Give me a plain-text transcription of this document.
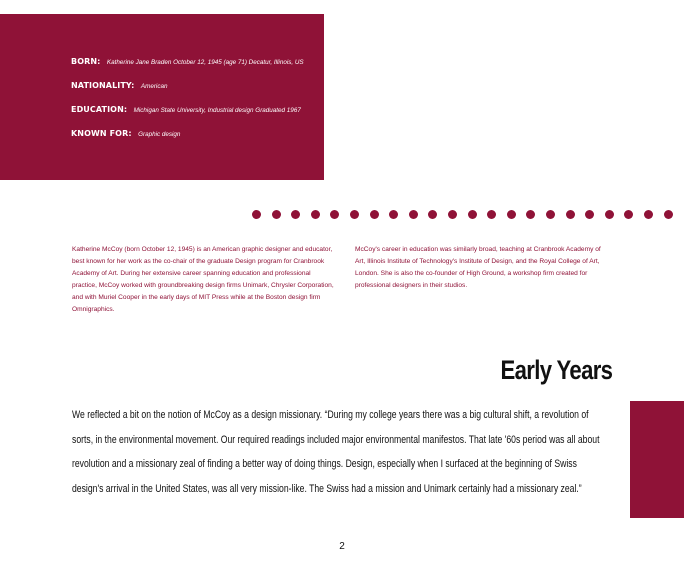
BORN: Katherine Jane Braden October 12, 1945 (age 71) Decatur, Illinois, US
NATIONALITY: American
EDUCATION: Michigan State University, Industrial design Graduated 1967
KNOWN FOR: Graphic design

Katherine McCoy (born October 12, 1945) is an American graphic designer and educator, best known for her work as the co-chair of the graduate Design program for Cranbrook Academy of Art. During her extensive career spanning education and professional practice, McCoy worked with groundbreaking design firms Unimark, Chrysler Corporation, and with Muriel Cooper in the early days of MIT Press while at the Boston design firm Omnigraphics.

McCoy's career in education was similarly broad, teaching at Cranbrook Academy of Art, Illinois Institute of Technology's Institute of Design, and the Royal College of Art, London. She is also the co-founder of High Ground, a workshop firm created for professional designers in their studios.

Early Years

We reflected a bit on the notion of McCoy as a design missionary. “During my college years there was a big cultural shift, a revolution of sorts, in the environmental movement. Our required readings included major environmental manifestos. That late '60s period was all about revolution and a missionary zeal of finding a better way of doing things. Design, especially when I surfaced at the beginning of Swiss design's arrival in the United States, was all very mission-like. The Swiss had a mission and Unimark certainly had a missionary zeal.”

2
